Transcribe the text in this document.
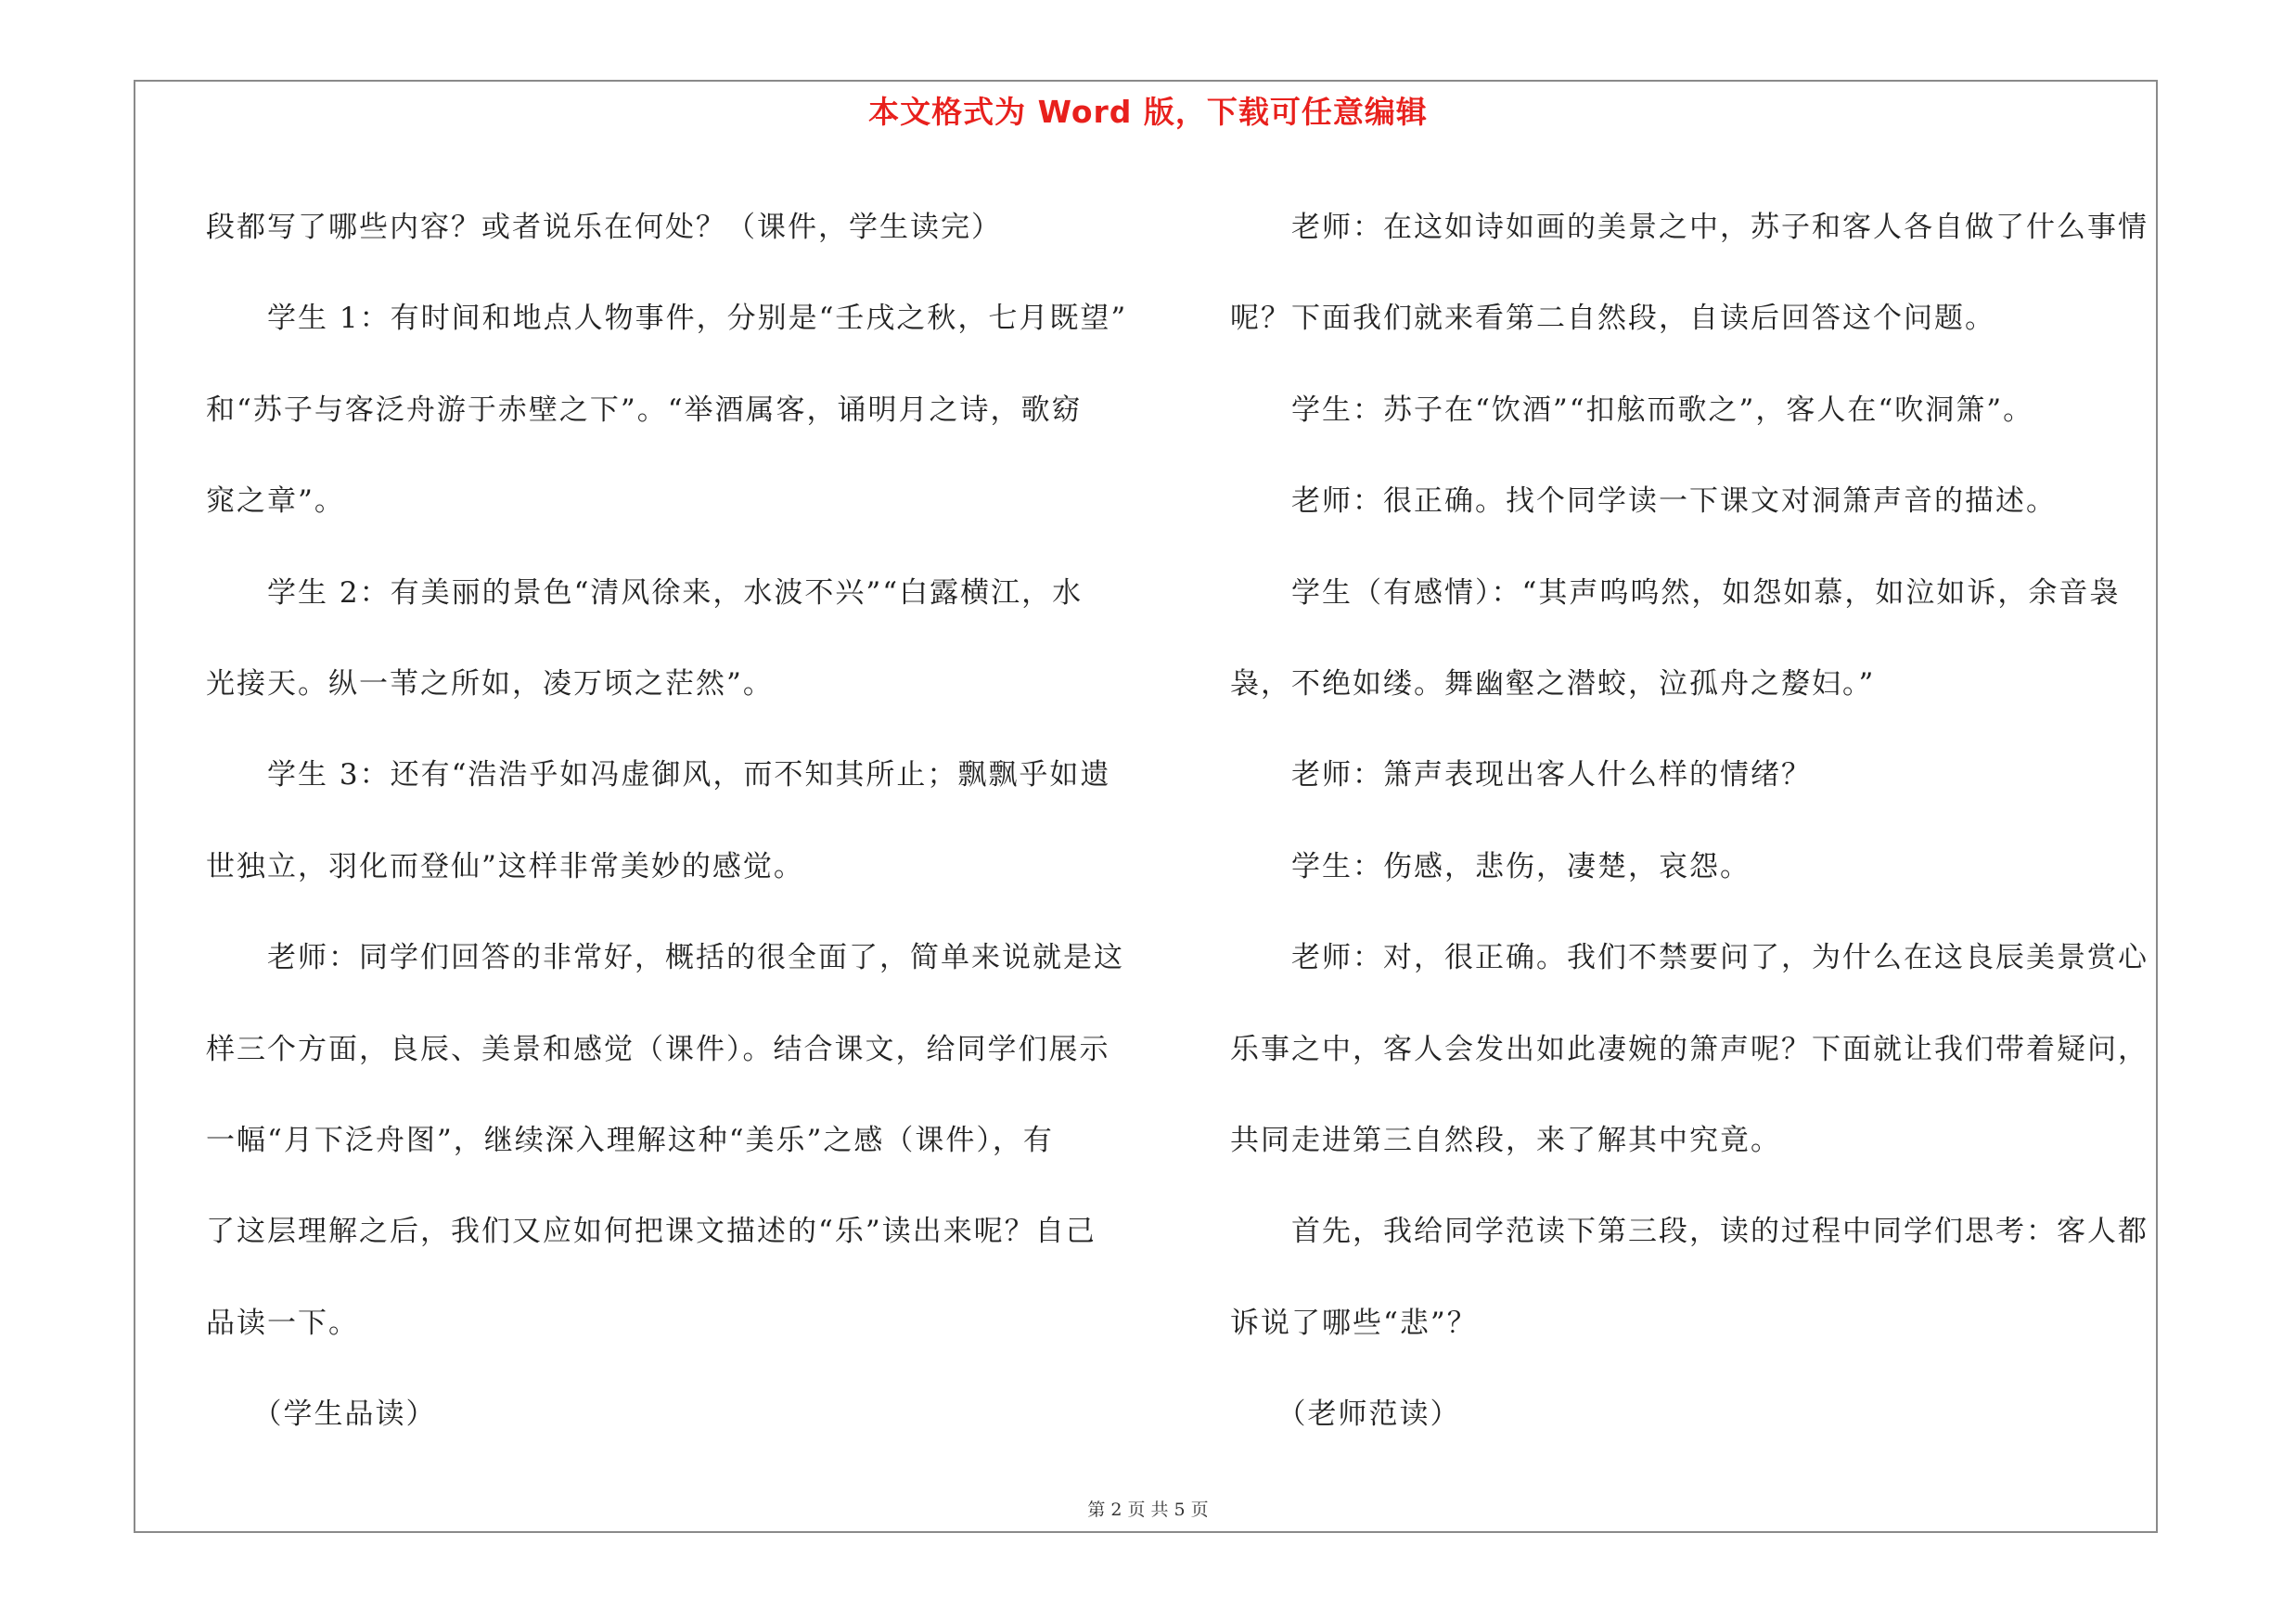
本文格式为 Word 版，下载可任意编辑
段都写了哪些内容？或者说乐在何处？（课件，学生读完）
　　学生 1：有时间和地点人物事件，分别是“壬戌之秋，七月既望”
和“苏子与客泛舟游于赤壁之下”。“举酒属客，诵明月之诗，歌窈
窕之章”。
　　学生 2：有美丽的景色“清风徐来，水波不兴”“白露横江，水
光接天。纵一苇之所如，凌万顷之茫然”。
　　学生 3：还有“浩浩乎如冯虚御风，而不知其所止；飘飘乎如遗
世独立，羽化而登仙”这样非常美妙的感觉。
　　老师：同学们回答的非常好，概括的很全面了，简单来说就是这
样三个方面，良辰、美景和感觉（课件）。结合课文，给同学们展示
一幅“月下泛舟图”，继续深入理解这种“美乐”之感（课件），有
了这层理解之后，我们又应如何把课文描述的“乐”读出来呢？自己
品读一下。
　　（学生品读）
　　老师：在这如诗如画的美景之中，苏子和客人各自做了什么事情
呢？下面我们就来看第二自然段，自读后回答这个问题。
　　学生：苏子在“饮酒”“扣舷而歌之”，客人在“吹洞箫”。
　　老师：很正确。找个同学读一下课文对洞箫声音的描述。
　　学生（有感情）：“其声呜呜然，如怨如慕，如泣如诉，余音袅
袅，不绝如缕。舞幽壑之潜蛟，泣孤舟之嫠妇。”
　　老师：箫声表现出客人什么样的情绪？
　　学生：伤感，悲伤，凄楚，哀怨。
　　老师：对，很正确。我们不禁要问了，为什么在这良辰美景赏心
乐事之中，客人会发出如此凄婉的箫声呢？下面就让我们带着疑问，
共同走进第三自然段，来了解其中究竟。
　　首先，我给同学范读下第三段，读的过程中同学们思考：客人都
诉说了哪些“悲”？
　　（老师范读）
第 2 页 共 5 页
